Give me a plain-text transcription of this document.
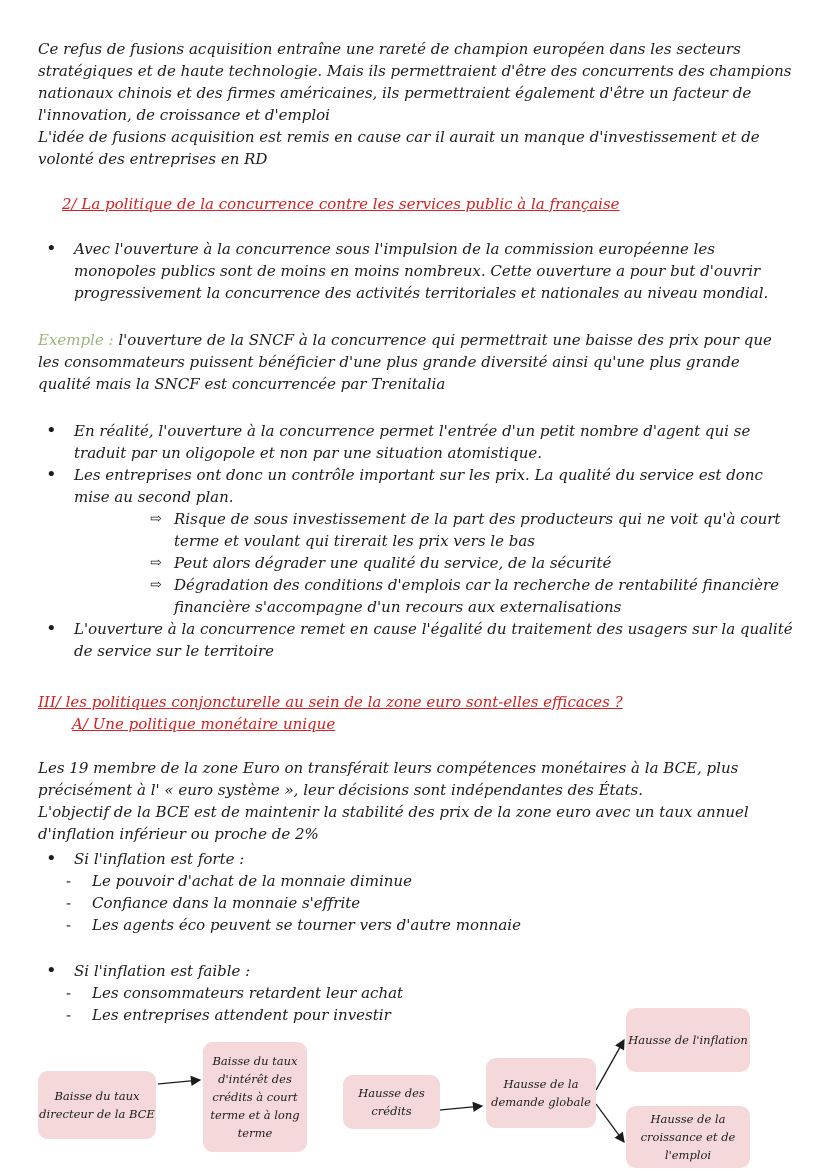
Ce refus de fusions acquisition entraîne une rareté de champion européen dans les secteurs stratégiques et de haute technologie. Mais ils permettraient d'être des concurrents des champions nationaux chinois et des firmes américaines, ils permettraient également d'être un facteur de l'innovation, de croissance et d'emploi

L'idée de fusions acquisition est remis en cause car il aurait un manque d'investissement et de volonté des entreprises en RD

2/ La politique de la concurrence contre les services public à la française
• Avec l'ouverture à la concurrence sous l'impulsion de la commission européenne les monopoles publics sont de moins en moins nombreux. Cette ouverture a pour but d'ouvrir progressivement la concurrence des activités territoriales et nationales au niveau mondial.

Exemple : l'ouverture de la SNCF à la concurrence qui permettrait une baisse des prix pour que les consommateurs puissent bénéficier d'une plus grande diversité ainsi qu'une plus grande qualité mais la SNCF est concurrencée par Trenitalia

• En réalité, l'ouverture à la concurrence permet l'entrée d'un petit nombre d'agent qui se traduit par un oligopole et non par une situation atomistique.
• Les entreprises ont donc un contrôle important sur les prix. La qualité du service est donc mise au second plan.
⇨ Risque de sous investissement de la part des producteurs qui ne voit qu'à court terme et voulant qui tirerait les prix vers le bas
⇨ Peut alors dégrader une qualité du service, de la sécurité
⇨ Dégradation des conditions d'emplois car la recherche de rentabilité financière financière s'accompagne d'un recours aux externalisations
• L'ouverture à la concurrence remet en cause l'égalité du traitement des usagers sur la qualité de service sur le territoire
III/ les politiques conjoncturelle au sein de la zone euro sont-elles efficaces ?
A/ Une politique monétaire unique

Les 19 membre de la zone Euro on transférait leurs compétences monétaires à la BCE, plus précisément à l' « euro système », leur décisions sont indépendantes des États.

L'objectif de la BCE est de maintenir la stabilité des prix de la zone euro avec un taux annuel d'inflation inférieur ou proche de 2%

• Si l'inflation est forte :
- Le pouvoir d'achat de la monnaie diminue
- Confiance dans la monnaie s'effrite
- Les agents éco peuvent se tourner vers d'autre monnaie
• Si l'inflation est faible :
- Les consommateurs retardent leur achat
- Les entreprises attendent pour investir
Baisse du taux directeur de la BCE
Baisse du taux d'intérêt des crédits à court terme et à long terme
Hausse des crédits
Hausse de la demande globale
Hausse de l'inflation
Hausse de la croissance et de l'emploi
